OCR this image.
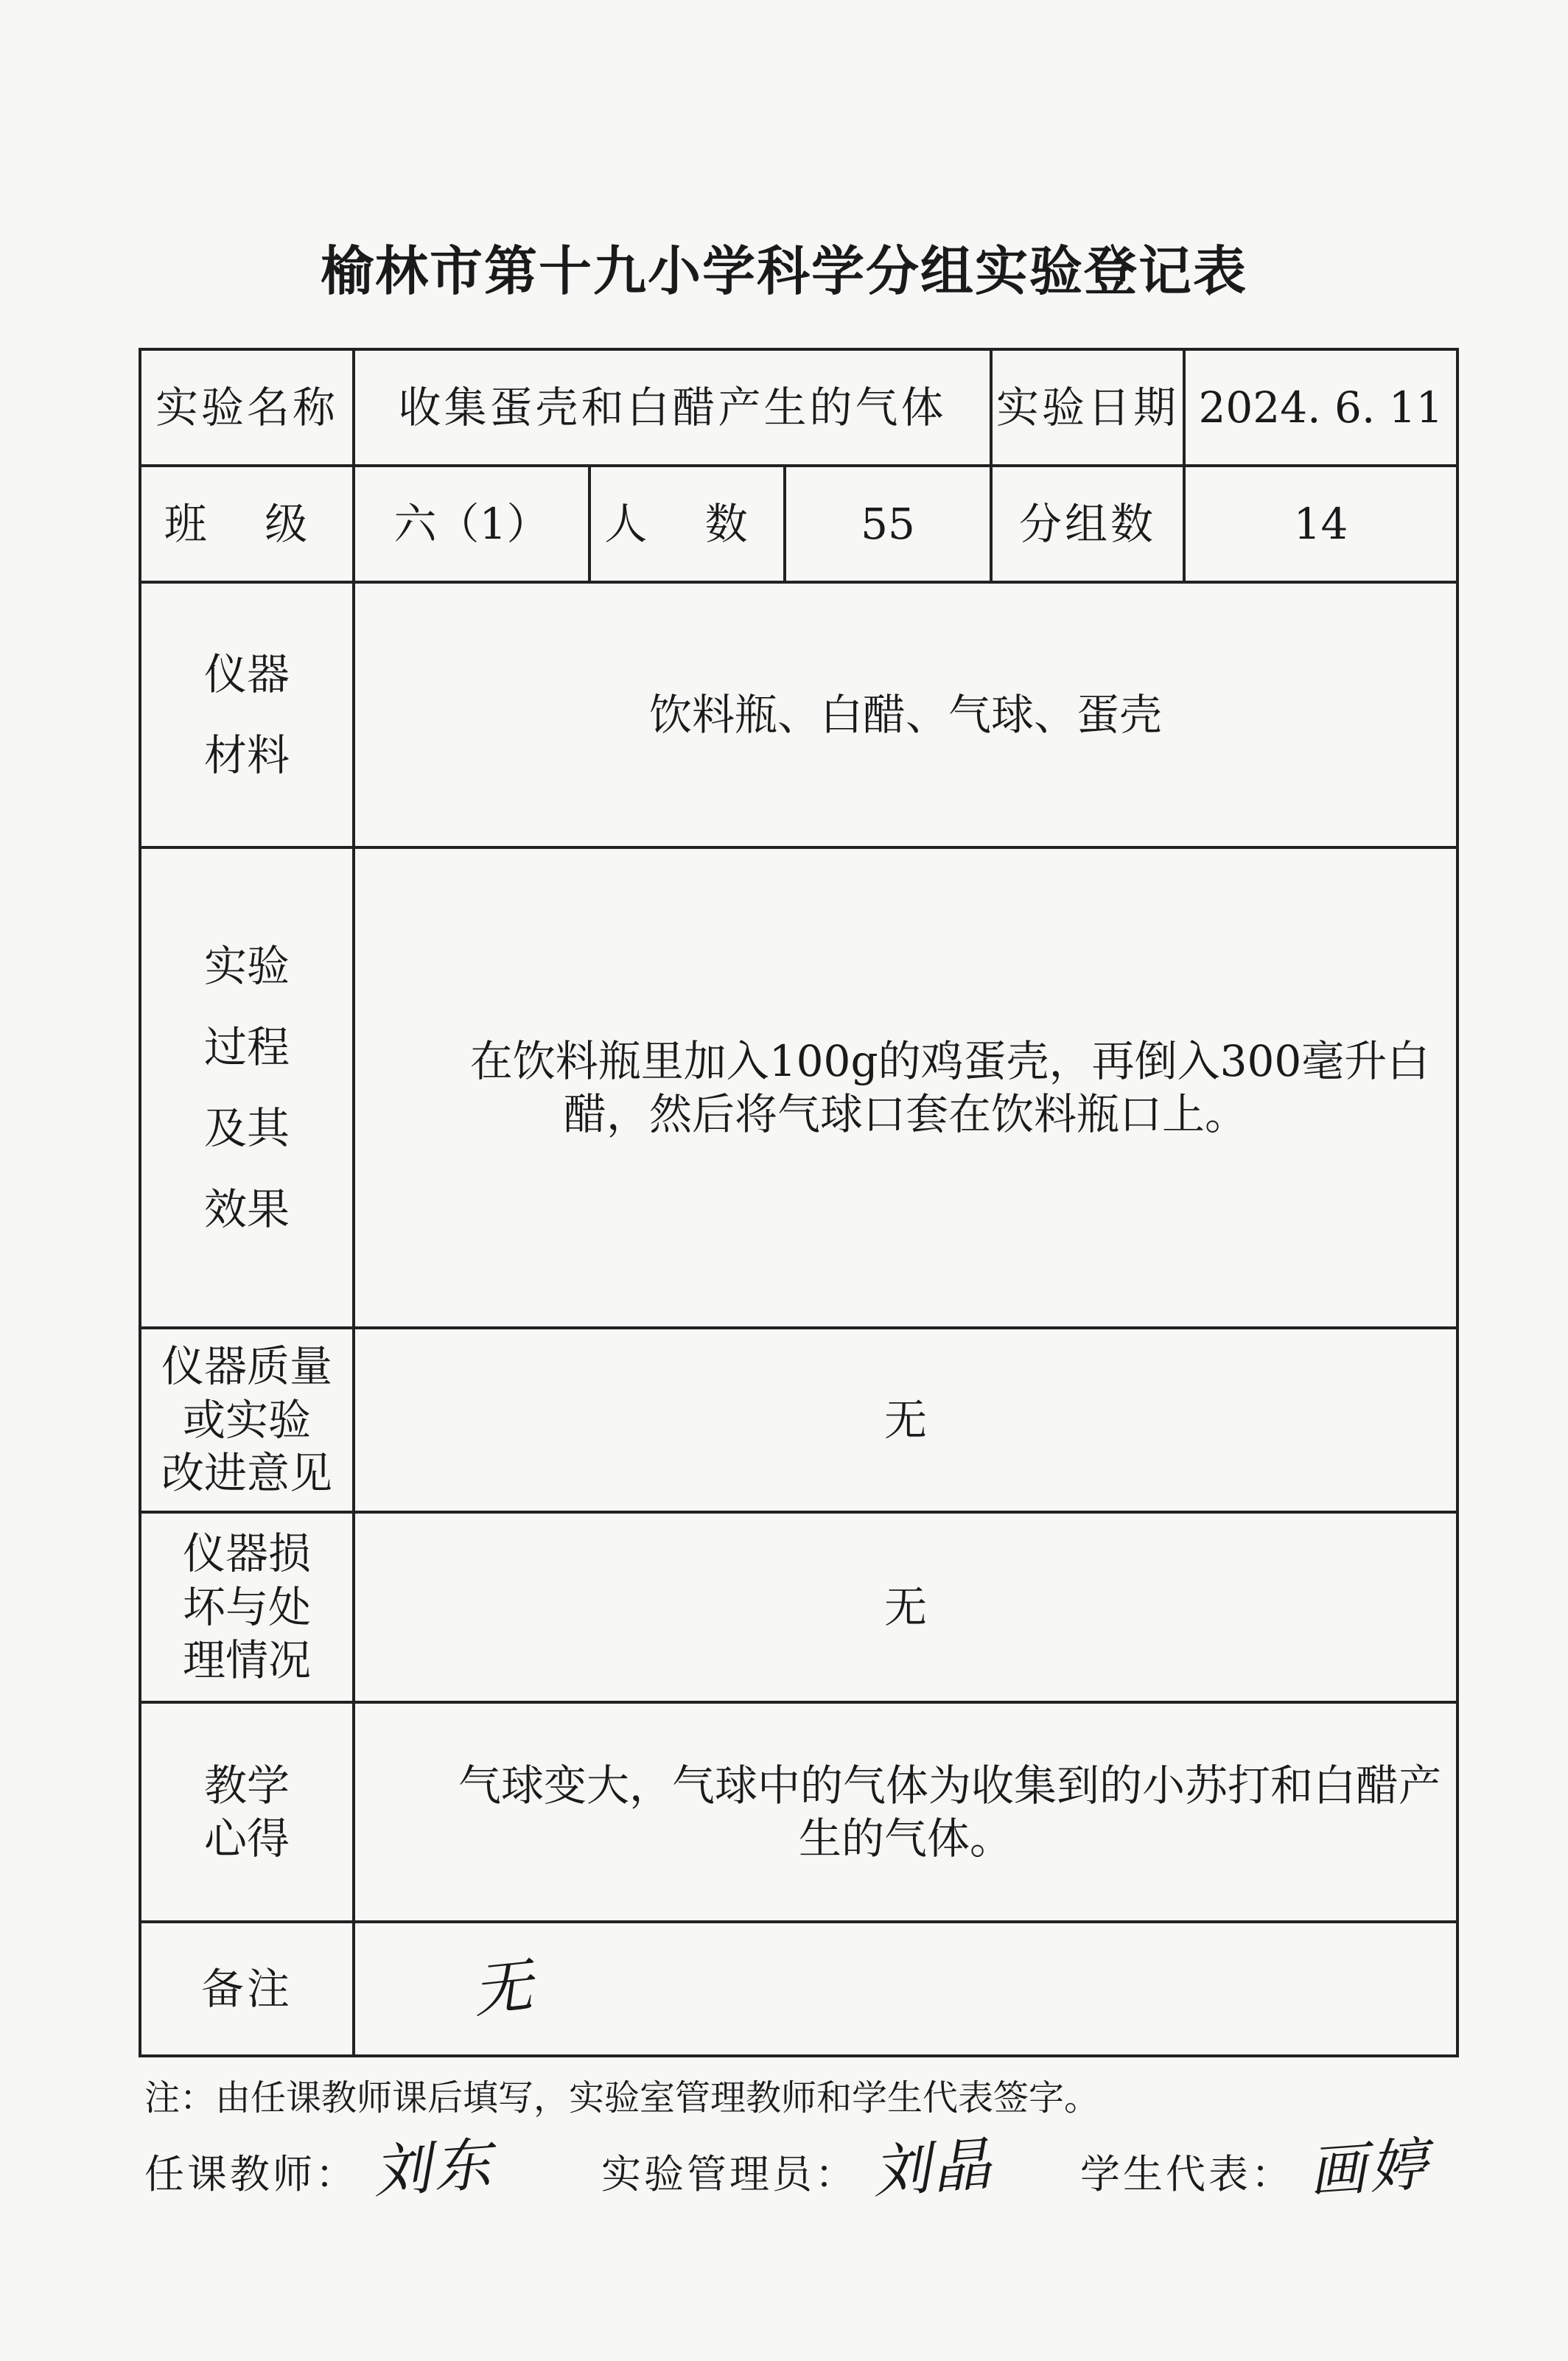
榆林市第十九小学科学分组实验登记表
实验名称	收集蛋壳和白醋产生的气体			实验日期	2024. 6. 11
班 级	六（1）	人 数	55	分组数	14
仪器
材料	饮料瓶、白醋、气球、蛋壳				
实验
过程
及其
效果	在饮料瓶里加入100g的鸡蛋壳，再倒入300毫升白醋，然后将气球口套在饮料瓶口上。				

仪器质量
或实验
改进意见	无				
仪器损
坏与处
理情况	无				
教学
心得	气球变大，气球中的气体为收集到的小苏打和白醋产生的气体。				

备注	无				
注：由任课教师课后填写，实验室管理教师和学生代表签字。
任课教师： 刘东	实验管理员： 刘晶 学生代表： 画婷
